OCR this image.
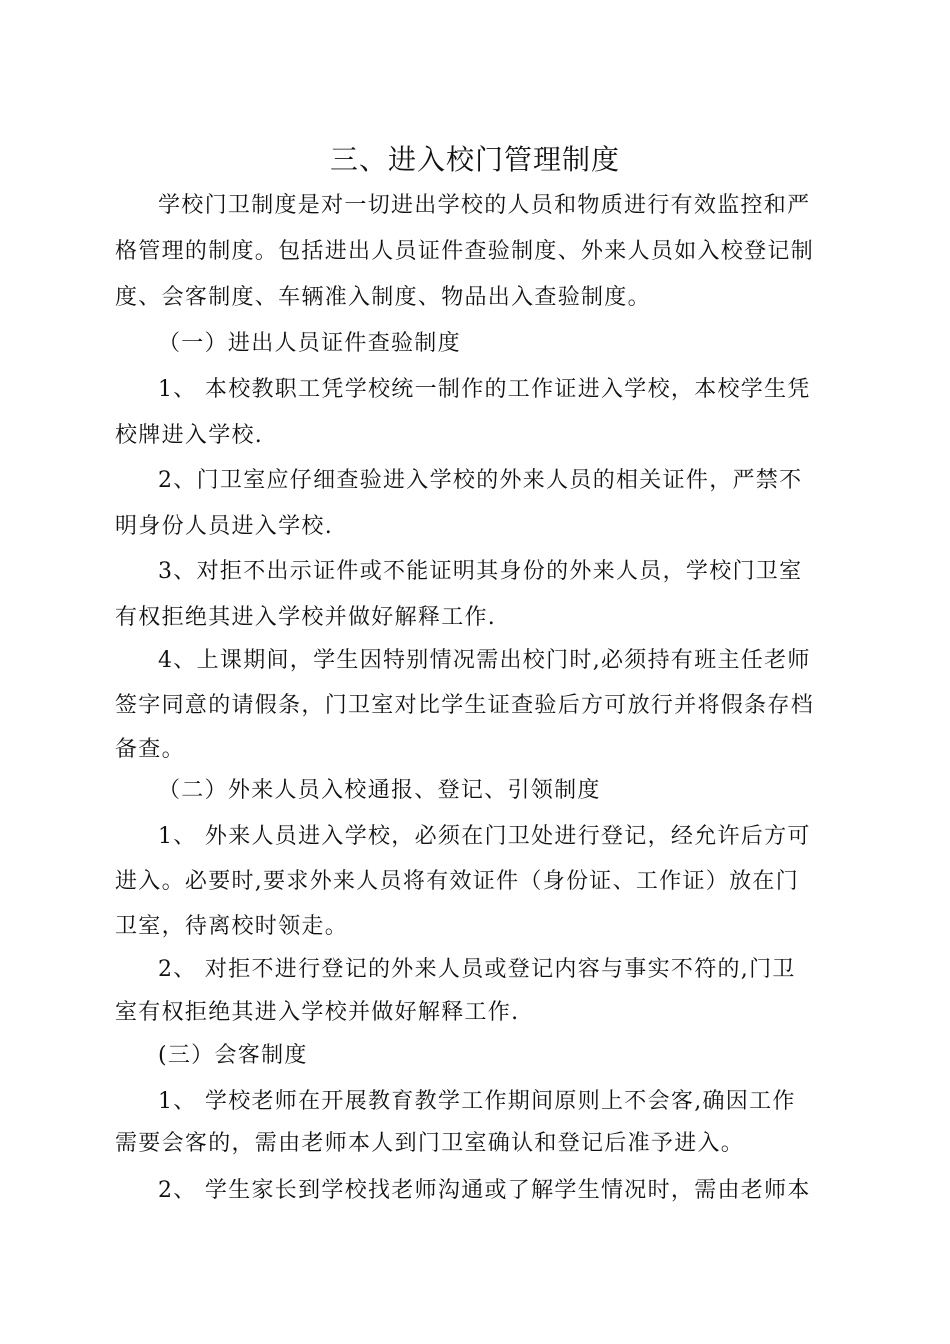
三、进入校门管理制度
学校门卫制度是对一切进出学校的人员和物质进行有效监控和严
格管理的制度。包括进出人员证件查验制度、外来人员如入校登记制
度、会客制度、车辆准入制度、物品出入查验制度。
（一）进出人员证件查验制度
1、 本校教职工凭学校统一制作的工作证进入学校，本校学生凭
校牌进入学校.
2、门卫室应仔细查验进入学校的外来人员的相关证件，严禁不
明身份人员进入学校.
3、对拒不出示证件或不能证明其身份的外来人员，学校门卫室
有权拒绝其进入学校并做好解释工作.
4、上课期间，学生因特别情况需出校门时,必须持有班主任老师
签字同意的请假条，门卫室对比学生证查验后方可放行并将假条存档
备查。
（二）外来人员入校通报、登记、引领制度
1、 外来人员进入学校，必须在门卫处进行登记，经允许后方可
进入。必要时,要求外来人员将有效证件（身份证、工作证）放在门
卫室，待离校时领走。
2、 对拒不进行登记的外来人员或登记内容与事实不符的,门卫
室有权拒绝其进入学校并做好解释工作.
(三）会客制度
1、 学校老师在开展教育教学工作期间原则上不会客,确因工作
需要会客的，需由老师本人到门卫室确认和登记后准予进入。
2、 学生家长到学校找老师沟通或了解学生情况时，需由老师本
